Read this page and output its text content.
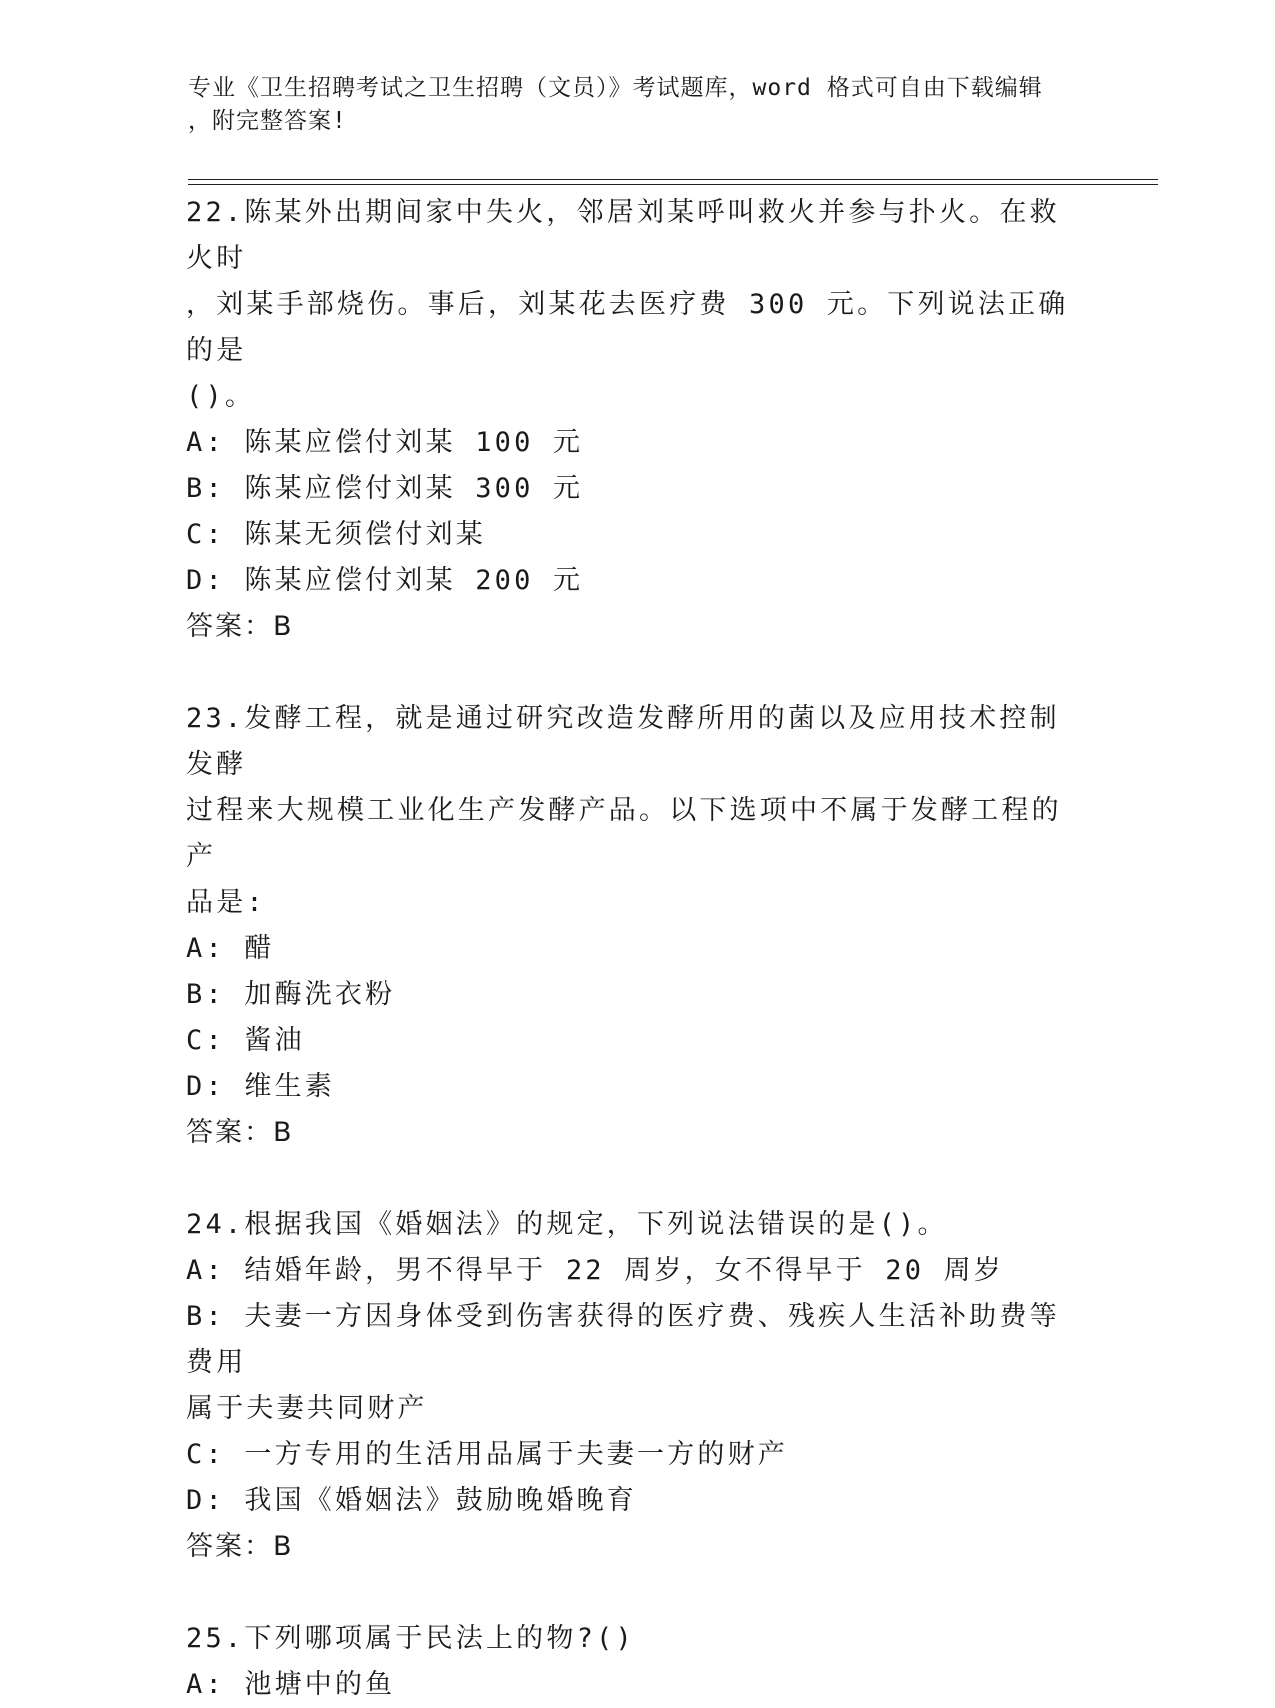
专业《卫生招聘考试之卫生招聘（文员）》考试题库，word 格式可自由下载编辑
，附完整答案!
22.陈某外出期间家中失火，邻居刘某呼叫救火并参与扑火。在救火时
，刘某手部烧伤。事后，刘某花去医疗费 300 元。下列说法正确的是
()。
A: 陈某应偿付刘某 100 元
B: 陈某应偿付刘某 300 元
C: 陈某无须偿付刘某
D: 陈某应偿付刘某 200 元
答案：B
23.发酵工程，就是通过研究改造发酵所用的菌以及应用技术控制发酵
过程来大规模工业化生产发酵产品。以下选项中不属于发酵工程的产
品是:
A: 醋
B: 加酶洗衣粉
C: 酱油
D: 维生素
答案：B
24.根据我国《婚姻法》的规定，下列说法错误的是()。
A: 结婚年龄，男不得早于 22 周岁，女不得早于 20 周岁
B: 夫妻一方因身体受到伤害获得的医疗费、残疾人生活补助费等费用
属于夫妻共同财产
C: 一方专用的生活用品属于夫妻一方的财产
D: 我国《婚姻法》鼓励晚婚晚育
答案：B
25.下列哪项属于民法上的物?()
A: 池塘中的鱼
